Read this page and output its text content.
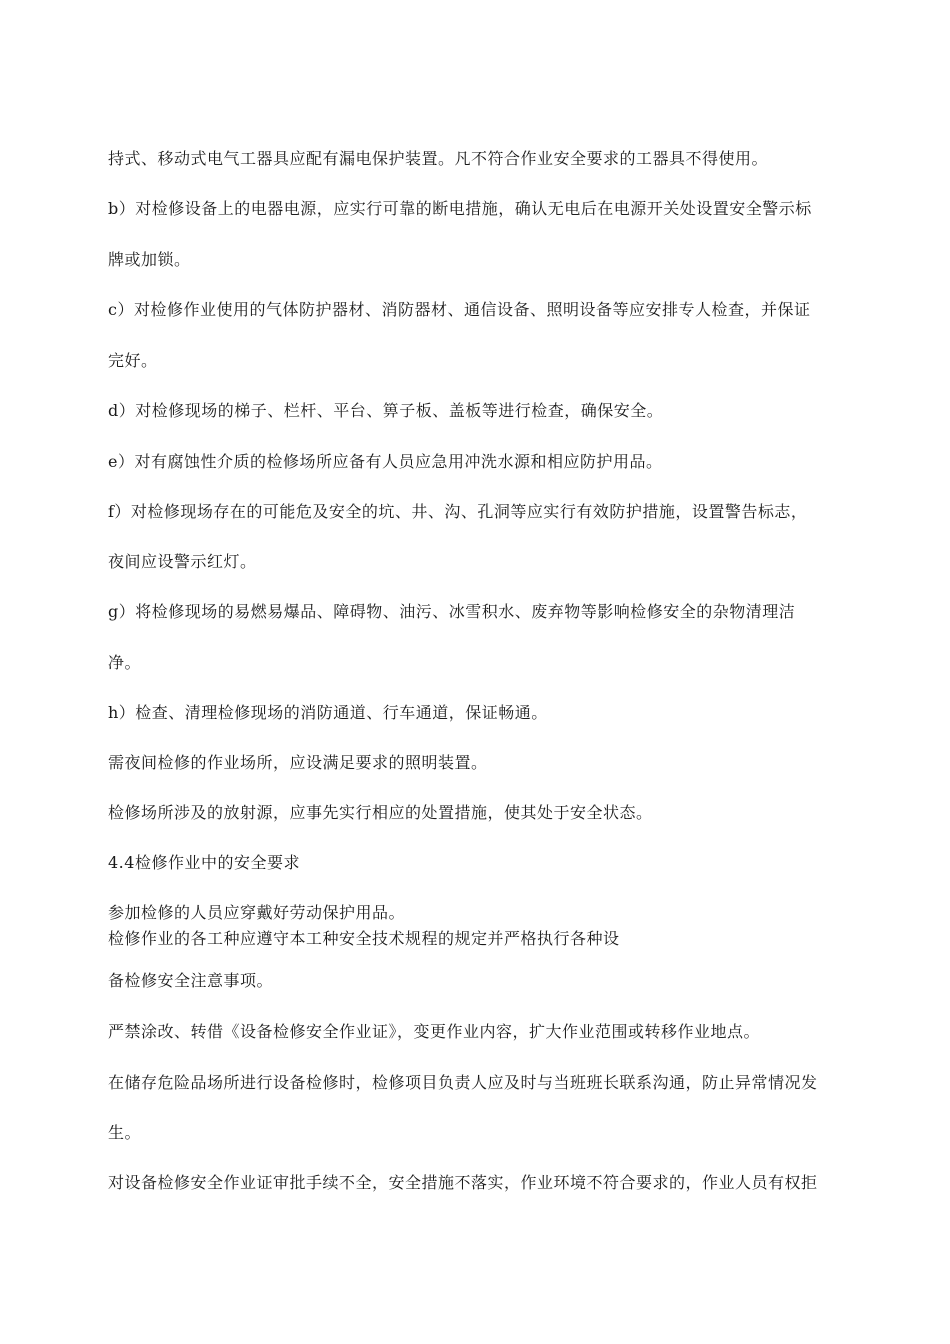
持式、移动式电气工器具应配有漏电保护装置。凡不符合作业安全要求的工器具不得使用。
b）对检修设备上的电器电源，应实行可靠的断电措施，确认无电后在电源开关处设置安全警示标
牌或加锁。
c）对检修作业使用的气体防护器材、消防器材、通信设备、照明设备等应安排专人检查，并保证
完好。
d）对检修现场的梯子、栏杆、平台、箅子板、盖板等进行检查，确保安全。
e）对有腐蚀性介质的检修场所应备有人员应急用冲洗水源和相应防护用品。
f）对检修现场存在的可能危及安全的坑、井、沟、孔洞等应实行有效防护措施，设置警告标志，
夜间应设警示红灯。
g）将检修现场的易燃易爆品、障碍物、油污、冰雪积水、废弃物等影响检修安全的杂物清理洁
净。
h）检查、清理检修现场的消防通道、行车通道，保证畅通。
需夜间检修的作业场所，应设满足要求的照明装置。
检修场所涉及的放射源，应事先实行相应的处置措施，使其处于安全状态。
4.4检修作业中的安全要求
参加检修的人员应穿戴好劳动保护用品。
检修作业的各工种应遵守本工种安全技术规程的规定并严格执行各种设
备检修安全注意事项。
严禁涂改、转借《设备检修安全作业证》，变更作业内容，扩大作业范围或转移作业地点。
在储存危险品场所进行设备检修时，检修项目负责人应及时与当班班长联系沟通，防止异常情况发
生。
对设备检修安全作业证审批手续不全，安全措施不落实，作业环境不符合要求的，作业人员有权拒
